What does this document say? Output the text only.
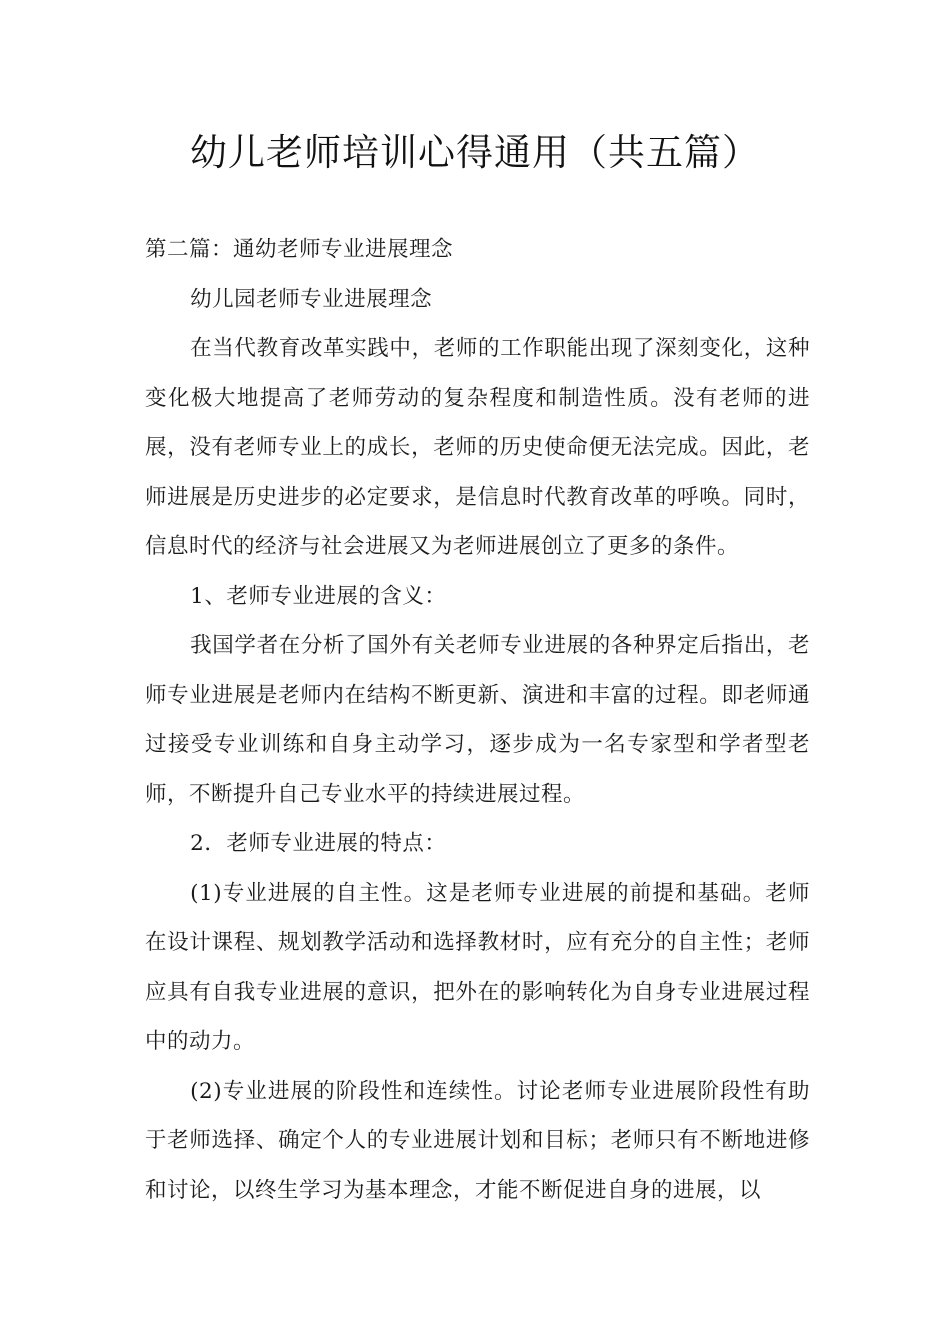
幼儿老师培训心得通用（共五篇）

第二篇：通幼老师专业进展理念

幼儿园老师专业进展理念

在当代教育改革实践中，老师的工作职能出现了深刻变化，这种变化极大地提高了老师劳动的复杂程度和制造性质。没有老师的进展，没有老师专业上的成长，老师的历史使命便无法完成。因此，老师进展是历史进步的必定要求，是信息时代教育改革的呼唤。同时，信息时代的经济与社会进展又为老师进展创立了更多的条件。

1、老师专业进展的含义：

我国学者在分析了国外有关老师专业进展的各种界定后指出，老师专业进展是老师内在结构不断更新、演进和丰富的过程。即老师通过接受专业训练和自身主动学习，逐步成为一名专家型和学者型老师，不断提升自己专业水平的持续进展过程。

2．老师专业进展的特点：

(1)专业进展的自主性。这是老师专业进展的前提和基础。老师在设计课程、规划教学活动和选择教材时，应有充分的自主性；老师应具有自我专业进展的意识，把外在的影响转化为自身专业进展过程中的动力。

(2)专业进展的阶段性和连续性。讨论老师专业进展阶段性有助于老师选择、确定个人的专业进展计划和目标；老师只有不断地进修和讨论，以终生学习为基本理念，才能不断促进自身的进展，以
